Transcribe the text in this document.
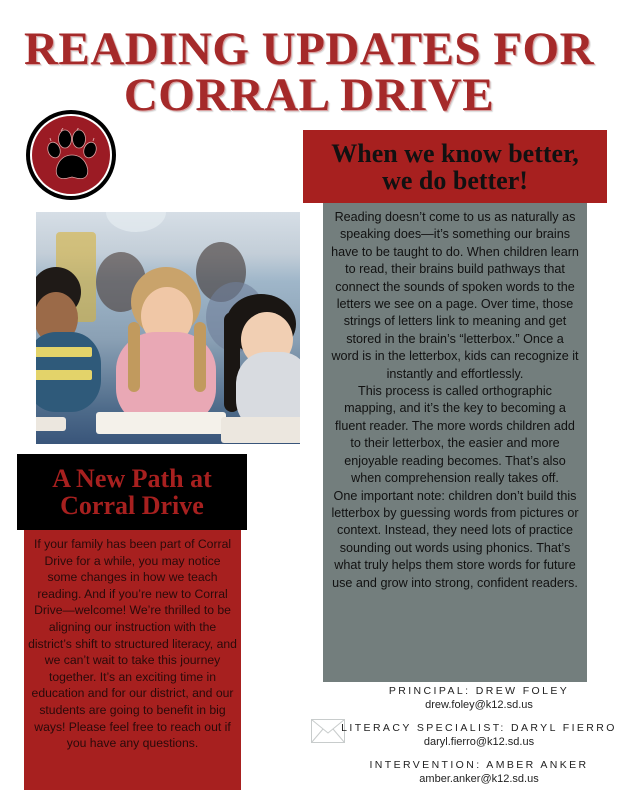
READING UPDATES FOR
CORRAL DRIVE
When we know better,
we do better!

Reading doesn’t come to us as naturally as speaking does—it’s something our brains have to be taught to do. When children learn to read, their brains build pathways that connect the sounds of spoken words to the letters we see on a page. Over time, those strings of letters link to meaning and get stored in the brain’s “letterbox.” Once a word is in the letterbox, kids can recognize it instantly and effortlessly.

This process is called orthographic mapping, and it’s the key to becoming a fluent reader. The more words children add to their letterbox, the easier and more enjoyable reading becomes. That’s also when comprehension really takes off.

One important note: children don’t build this letterbox by guessing words from pictures or context. Instead, they need lots of practice sounding out words using phonics. That’s what truly helps them store words for future use and grow into strong, confident readers.

A New Path at
Corral Drive

If your family has been part of Corral Drive for a while, you may notice some changes in how we teach reading. And if you’re new to Corral Drive—welcome! We’re thrilled to be aligning our instruction with the district’s shift to structured literacy, and we can’t wait to take this journey together. It’s an exciting time in education and for our district, and our students are going to benefit in big ways! Please feel free to reach out if you have any questions.

PRINCIPAL: DREW FOLEY
drew.foley@k12.sd.us
LITERACY SPECIALIST: DARYL FIERRO
daryl.fierro@k12.sd.us
INTERVENTION: AMBER ANKER
amber.anker@k12.sd.us
